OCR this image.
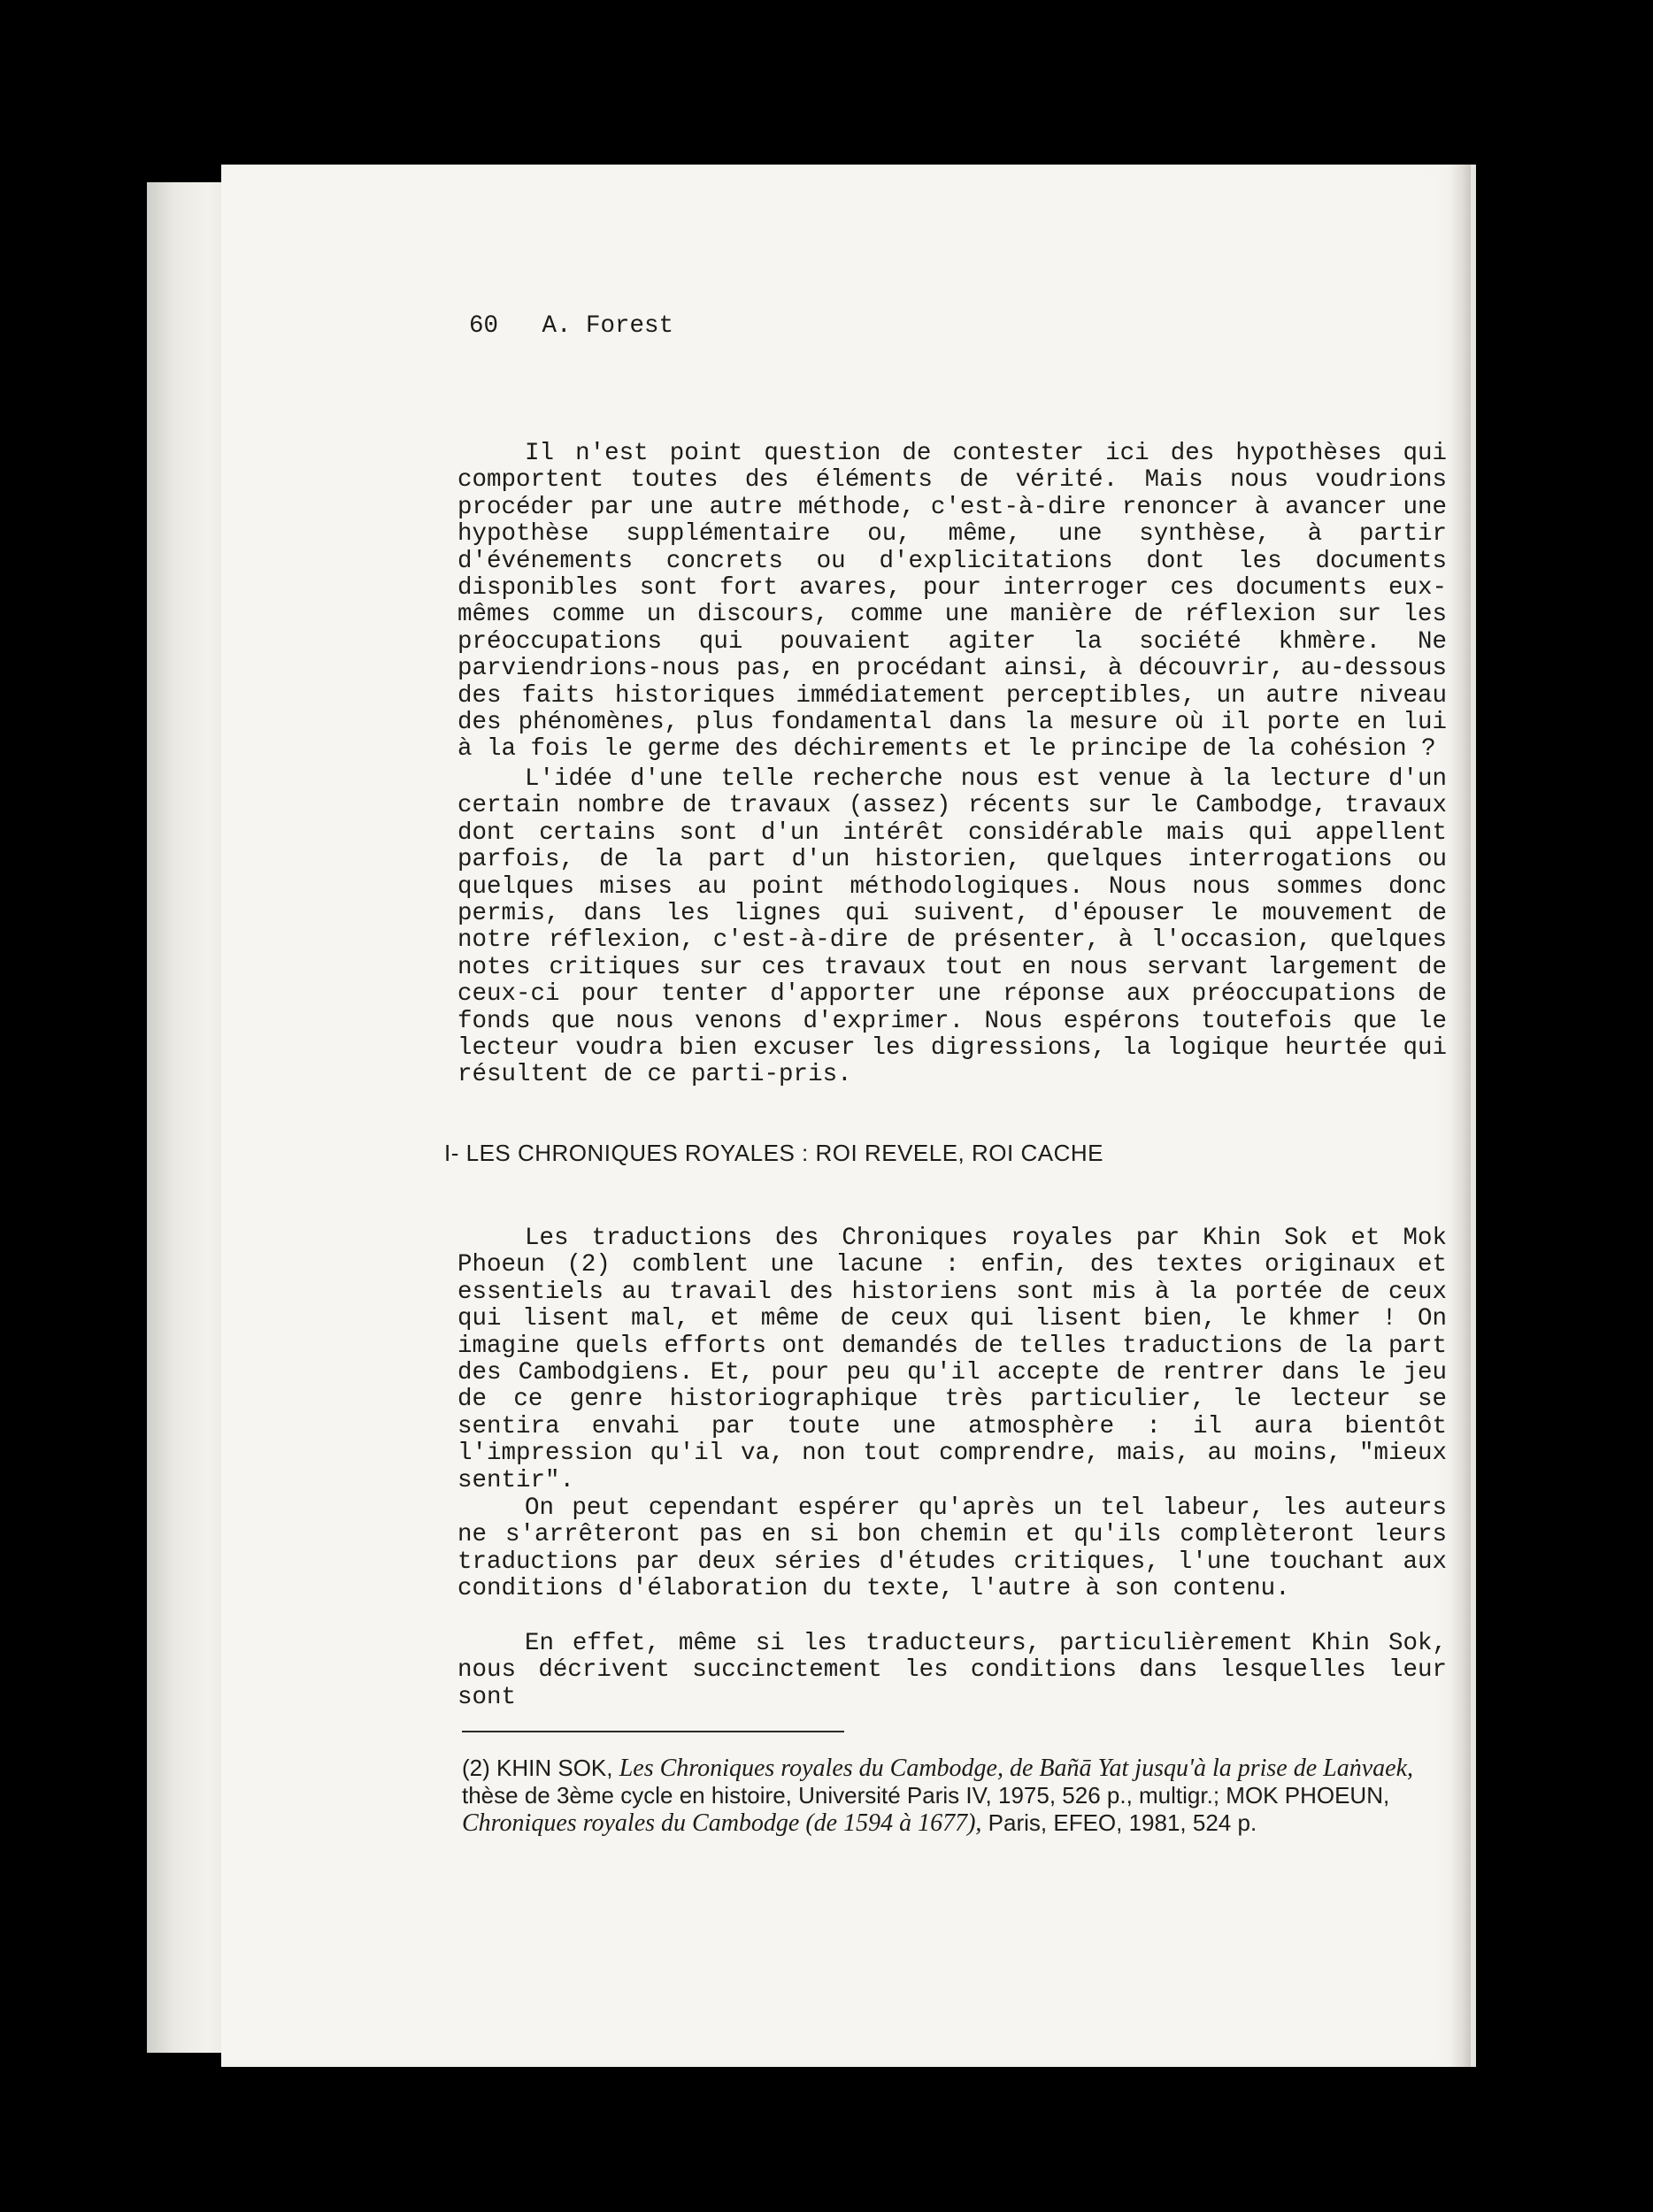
60 A. Forest

Il n'est point question de contester ici des hypothèses qui comportent toutes des éléments de vérité. Mais nous voudrions procéder par une autre méthode, c'est-à-dire renoncer à avancer une hypothèse supplémentaire ou, même, une synthèse, à partir d'événements concrets ou d'explicitations dont les documents disponibles sont fort avares, pour interroger ces documents eux-mêmes comme un discours, comme une manière de réflexion sur les préoccupations qui pouvaient agiter la société khmère. Ne parviendrions-nous pas, en procédant ainsi, à découvrir, au-dessous des faits historiques immédiatement perceptibles, un autre niveau des phénomènes, plus fondamental dans la mesure où il porte en lui à la fois le germe des déchirements et le principe de la cohésion ?

L'idée d'une telle recherche nous est venue à la lecture d'un certain nombre de travaux (assez) récents sur le Cambodge, travaux dont certains sont d'un intérêt considérable mais qui appellent parfois, de la part d'un historien, quelques interrogations ou quelques mises au point méthodologiques. Nous nous sommes donc permis, dans les lignes qui suivent, d'épouser le mouvement de notre réflexion, c'est-à-dire de présenter, à l'occasion, quelques notes critiques sur ces travaux tout en nous servant largement de ceux-ci pour tenter d'apporter une réponse aux préoccupations de fonds que nous venons d'exprimer. Nous espérons toutefois que le lecteur voudra bien excuser les digressions, la logique heurtée qui résultent de ce parti-pris.

I- LES CHRONIQUES ROYALES : ROI REVELE, ROI CACHE

Les traductions des Chroniques royales par Khin Sok et Mok Phoeun (2) comblent une lacune : enfin, des textes originaux et essentiels au travail des historiens sont mis à la portée de ceux qui lisent mal, et même de ceux qui lisent bien, le khmer ! On imagine quels efforts ont demandés de telles traductions de la part des Cambodgiens. Et, pour peu qu'il accepte de rentrer dans le jeu de ce genre historiographique très particulier, le lecteur se sentira envahi par toute une atmosphère : il aura bientôt l'impression qu'il va, non tout comprendre, mais, au moins, "mieux sentir".

On peut cependant espérer qu'après un tel labeur, les auteurs ne s'arrêteront pas en si bon chemin et qu'ils complèteront leurs traductions par deux séries d'études critiques, l'une touchant aux conditions d'élaboration du texte, l'autre à son contenu.

En effet, même si les traducteurs, particulièrement Khin Sok, nous décrivent succinctement les conditions dans lesquelles leur sont

(2) KHIN SOK, Les Chroniques royales du Cambodge, de Bañā Yat jusqu'à la prise de Laṅvaek, thèse de 3ème cycle en histoire, Université Paris IV, 1975, 526 p., multigr.; MOK PHOEUN, Chroniques royales du Cambodge (de 1594 à 1677), Paris, EFEO, 1981, 524 p.
